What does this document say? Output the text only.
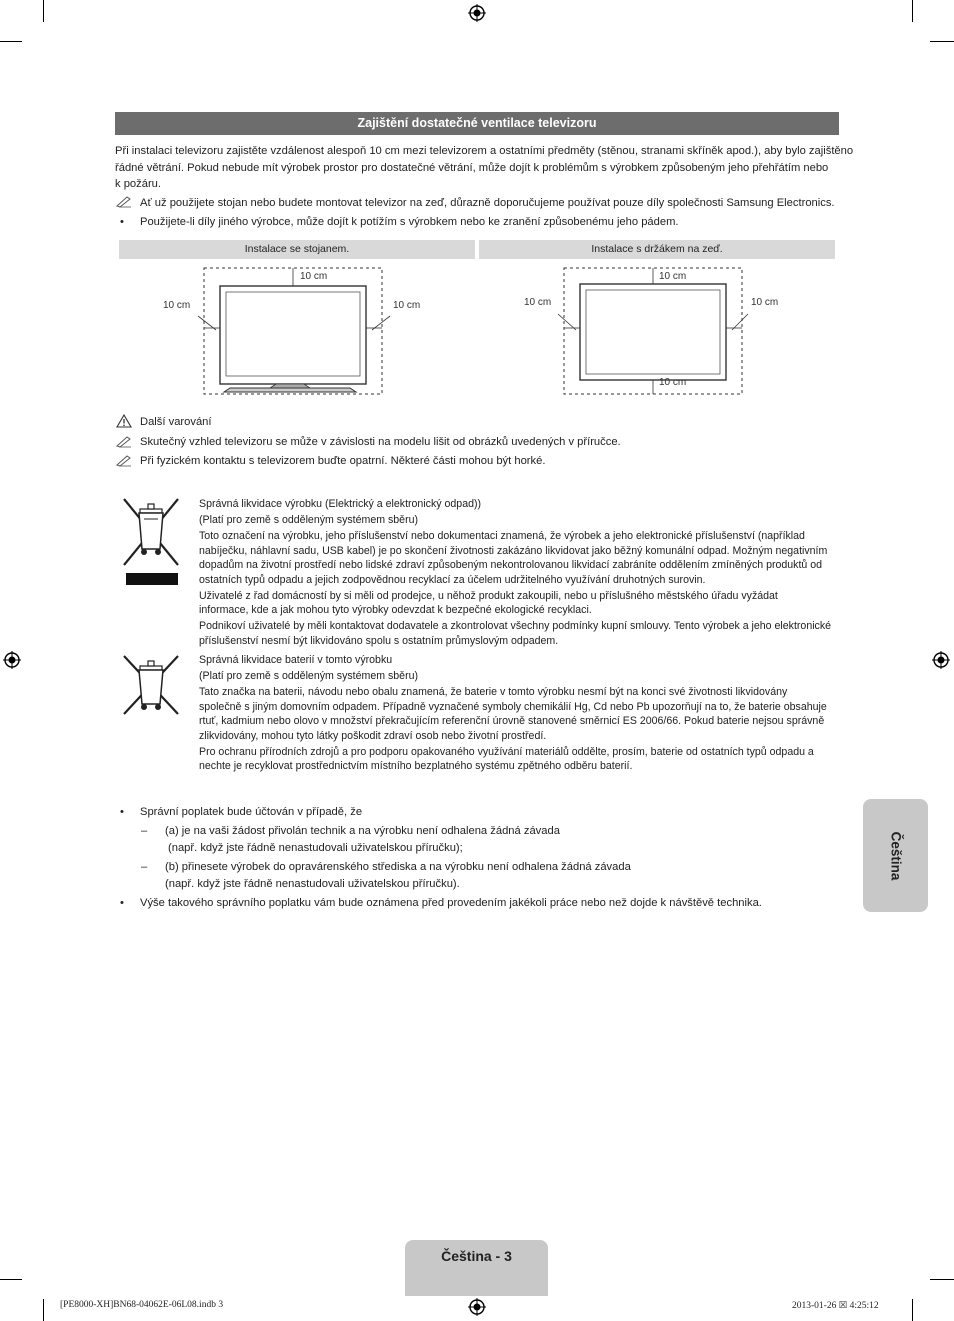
Zajištění dostatečné ventilace televizoru
Při instalaci televizoru zajistěte vzdálenost alespoň 10 cm mezi televizorem a ostatními předměty (stěnou, stranami skříněk apod.), aby bylo zajištěno
řádné větrání. Pokud nebude mít výrobek prostor pro dostatečné větrání, může dojít k problémům s výrobkem způsobeným jeho přehřátím nebo
k požáru.
Ať už použijete stojan nebo budete montovat televizor na zeď, důrazně doporučujeme používat pouze díly společnosti Samsung Electronics.
• Použijete-li díly jiného výrobce, může dojít k potížím s výrobkem nebo ke zranění způsobenému jeho pádem.
Instalace se stojanem.	Instalace s držákem na zeď.
10 cm
10 cm	10 cm
10 cm
10 cm	10 cm
10 cm
Další varování
Skutečný vzhled televizoru se může v závislosti na modelu lišit od obrázků uvedených v příručce.
Při fyzickém kontaktu s televizorem buďte opatrní. Některé části mohou být horké.
Správná likvidace výrobku (Elektrický a elektronický odpad))
(Platí pro země s odděleným systémem sběru)
Toto označení na výrobku, jeho příslušenství nebo dokumentaci znamená, že výrobek a jeho elektronické příslušenství (například
nabíječku, náhlavní sadu, USB kabel) je po skončení životnosti zakázáno likvidovat jako běžný komunální odpad. Možným negativním
dopadům na životní prostředí nebo lidské zdraví způsobeným nekontrolovanou likvidací zabráníte oddělením zmíněných produktů od
ostatních typů odpadu a jejich zodpovědnou recyklací za účelem udržitelného využívání druhotných surovin.
Uživatelé z řad domácností by si měli od prodejce, u něhož produkt zakoupili, nebo u příslušného městského úřadu vyžádat
informace, kde a jak mohou tyto výrobky odevzdat k bezpečné ekologické recyklaci.
Podnikoví uživatelé by měli kontaktovat dodavatele a zkontrolovat všechny podmínky kupní smlouvy. Tento výrobek a jeho elektronické
příslušenství nesmí být likvidováno spolu s ostatním průmyslovým odpadem.
Správná likvidace baterií v tomto výrobku
(Platí pro země s odděleným systémem sběru)
Tato značka na baterii, návodu nebo obalu znamená, že baterie v tomto výrobku nesmí být na konci své životnosti likvidovány
společně s jiným domovním odpadem. Případně vyznačené symboly chemikálií Hg, Cd nebo Pb upozorňují na to, že baterie obsahuje
rtuť, kadmium nebo olovo v množství překračujícím referenční úrovně stanovené směrnicí ES 2006/66. Pokud baterie nejsou správně
zlikvidovány, mohou tyto látky poškodit zdraví osob nebo životní prostředí.
Pro ochranu přírodních zdrojů a pro podporu opakovaného využívání materiálů oddělte, prosím, baterie od ostatních typů odpadu a
nechte je recyklovat prostřednictvím místního bezplatného systému zpětného odběru baterií.
• Správní poplatek bude účtován v případě, že
– (a) je na vaši žádost přivolán technik a na výrobku není odhalena žádná závada
(např. když jste řádně nenastudovali uživatelskou příručku);
– (b) přinesete výrobek do opravárenského střediska a na výrobku není odhalena žádná závada
(např. když jste řádně nenastudovali uživatelskou příručku).
• Výše takového správního poplatku vám bude oznámena před provedením jakékoli práce nebo než dojde k návštěvě technika.
Čeština
Čeština - 3
[PE8000-XH]BN68-04062E-06L08.indb 3	2013-01-26 ☒ 4:25:12
